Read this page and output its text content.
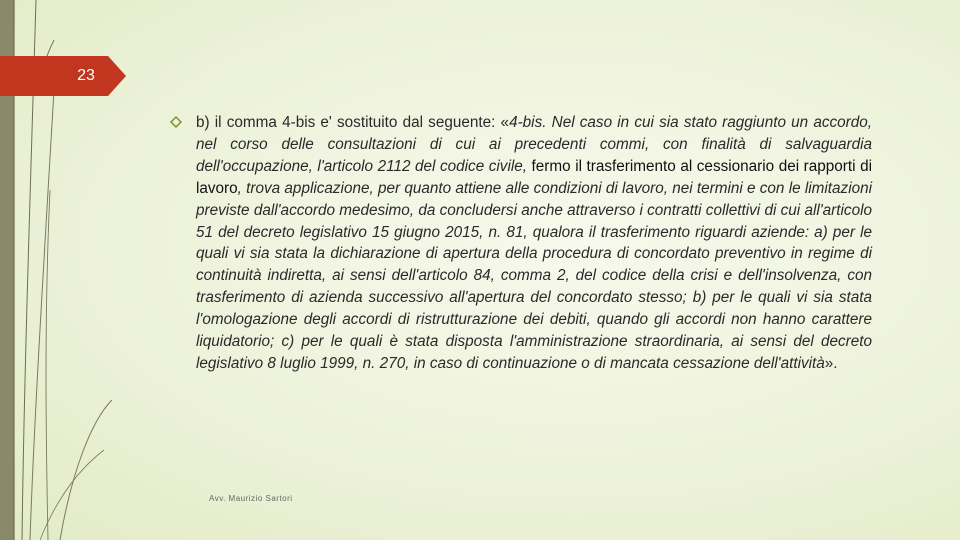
23

b) il comma 4-bis e' sostituito dal seguente: «4-bis. Nel caso in cui sia stato raggiunto un accordo, nel corso delle consultazioni di cui ai precedenti commi, con finalità di salvaguardia dell'occupazione, l'articolo 2112 del codice civile, fermo il trasferimento al cessionario dei rapporti di lavoro, trova applicazione, per quanto attiene alle condizioni di lavoro, nei termini e con le limitazioni previste dall'accordo medesimo, da concludersi anche attraverso i contratti collettivi di cui all'articolo 51 del decreto legislativo 15 giugno 2015, n. 81, qualora il trasferimento riguardi aziende: a) per le quali vi sia stata la dichiarazione di apertura della procedura di concordato preventivo in regime di continuità indiretta, ai sensi dell'articolo 84, comma 2, del codice della crisi e dell'insolvenza, con trasferimento di azienda successivo all'apertura del concordato stesso; b) per le quali vi sia stata l'omologazione degli accordi di ristrutturazione dei debiti, quando gli accordi non hanno carattere liquidatorio; c) per le quali è stata disposta l'amministrazione straordinaria, ai sensi del decreto legislativo 8 luglio 1999, n. 270, in caso di continuazione o di mancata cessazione dell'attività».

Avv. Maurizio Sartori
